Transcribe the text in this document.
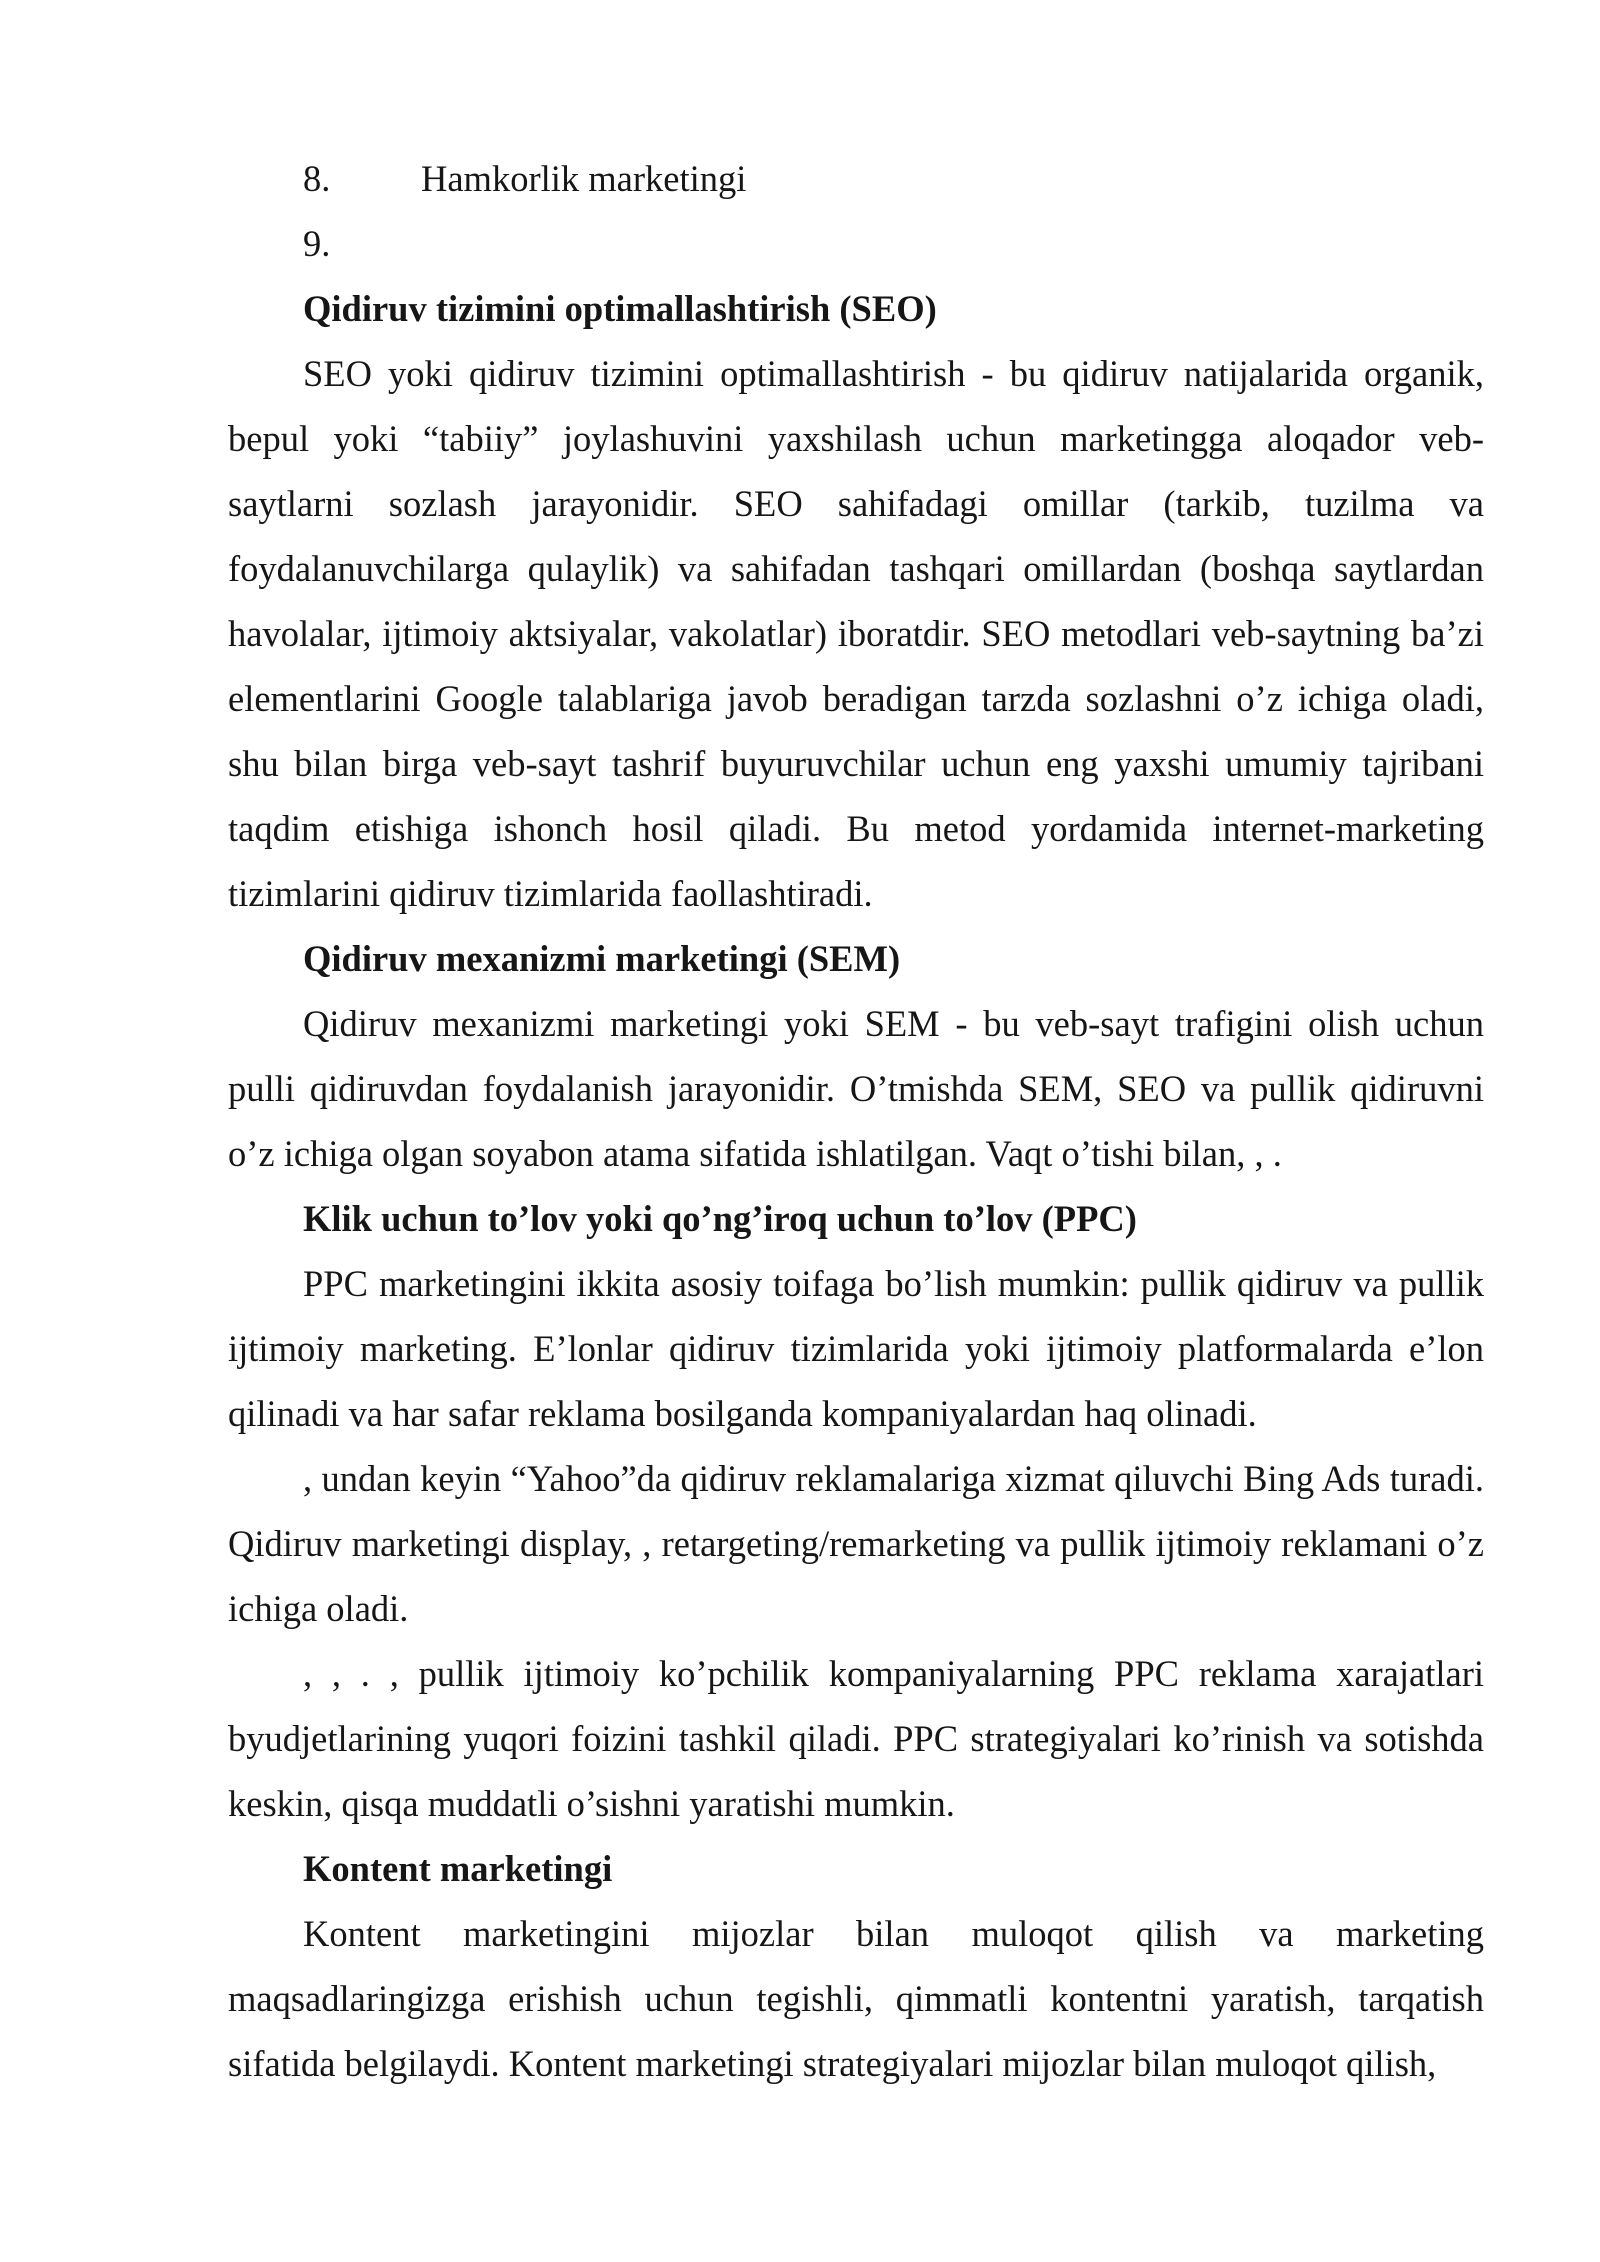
8.	Hamkorlik marketingi
9.

Qidiruv tizimini optimallashtirish (SEO)

SEO yoki qidiruv tizimini optimallashtirish - bu qidiruv natijalarida organik, bepul yoki “tabiiy” joylashuvini yaxshilash uchun marketingga aloqador veb-saytlarni sozlash jarayonidir. SEO sahifadagi omillar (tarkib, tuzilma va foydalanuvchilarga qulaylik) va sahifadan tashqari omillardan (boshqa saytlardan havolalar, ijtimoiy aktsiyalar, vakolatlar) iboratdir. SEO metodlari veb-saytning ba’zi elementlarini Google talablariga javob beradigan tarzda sozlashni o’z ichiga oladi, shu bilan birga veb-sayt tashrif buyuruvchilar uchun eng yaxshi umumiy tajribani taqdim etishiga ishonch hosil qiladi. Bu metod yordamida internet-marketing tizimlarini qidiruv tizimlarida faollashtiradi.

Qidiruv mexanizmi marketingi (SEM)

Qidiruv mexanizmi marketingi yoki SEM - bu veb-sayt trafigini olish uchun pulli qidiruvdan foydalanish jarayonidir. O’tmishda SEM, SEO va pullik qidiruvni o’z ichiga olgan soyabon atama sifatida ishlatilgan. Vaqt o’tishi bilan, , .

Klik uchun to’lov yoki qo’ng’iroq uchun to’lov (PPC)

PPC marketingini ikkita asosiy toifaga bo’lish mumkin: pullik qidiruv va pullik ijtimoiy marketing. E’lonlar qidiruv tizimlarida yoki ijtimoiy platformalarda e’lon qilinadi va har safar reklama bosilganda kompaniyalardan haq olinadi.

, undan keyin “Yahoo”da qidiruv reklamalariga xizmat qiluvchi Bing Ads turadi. Qidiruv marketingi display, , retargeting/remarketing va pullik ijtimoiy reklamani o’z ichiga oladi.

, , . , pullik ijtimoiy ko’pchilik kompaniyalarning PPC reklama xarajatlari byudjetlarining yuqori foizini tashkil qiladi. PPC strategiyalari ko’rinish va sotishda keskin, qisqa muddatli o’sishni yaratishi mumkin.

Kontent marketingi

Kontent marketingini mijozlar bilan muloqot qilish va marketing maqsadlaringizga erishish uchun tegishli, qimmatli kontentni yaratish, tarqatish sifatida belgilaydi. Kontent marketingi strategiyalari mijozlar bilan muloqot qilish,
